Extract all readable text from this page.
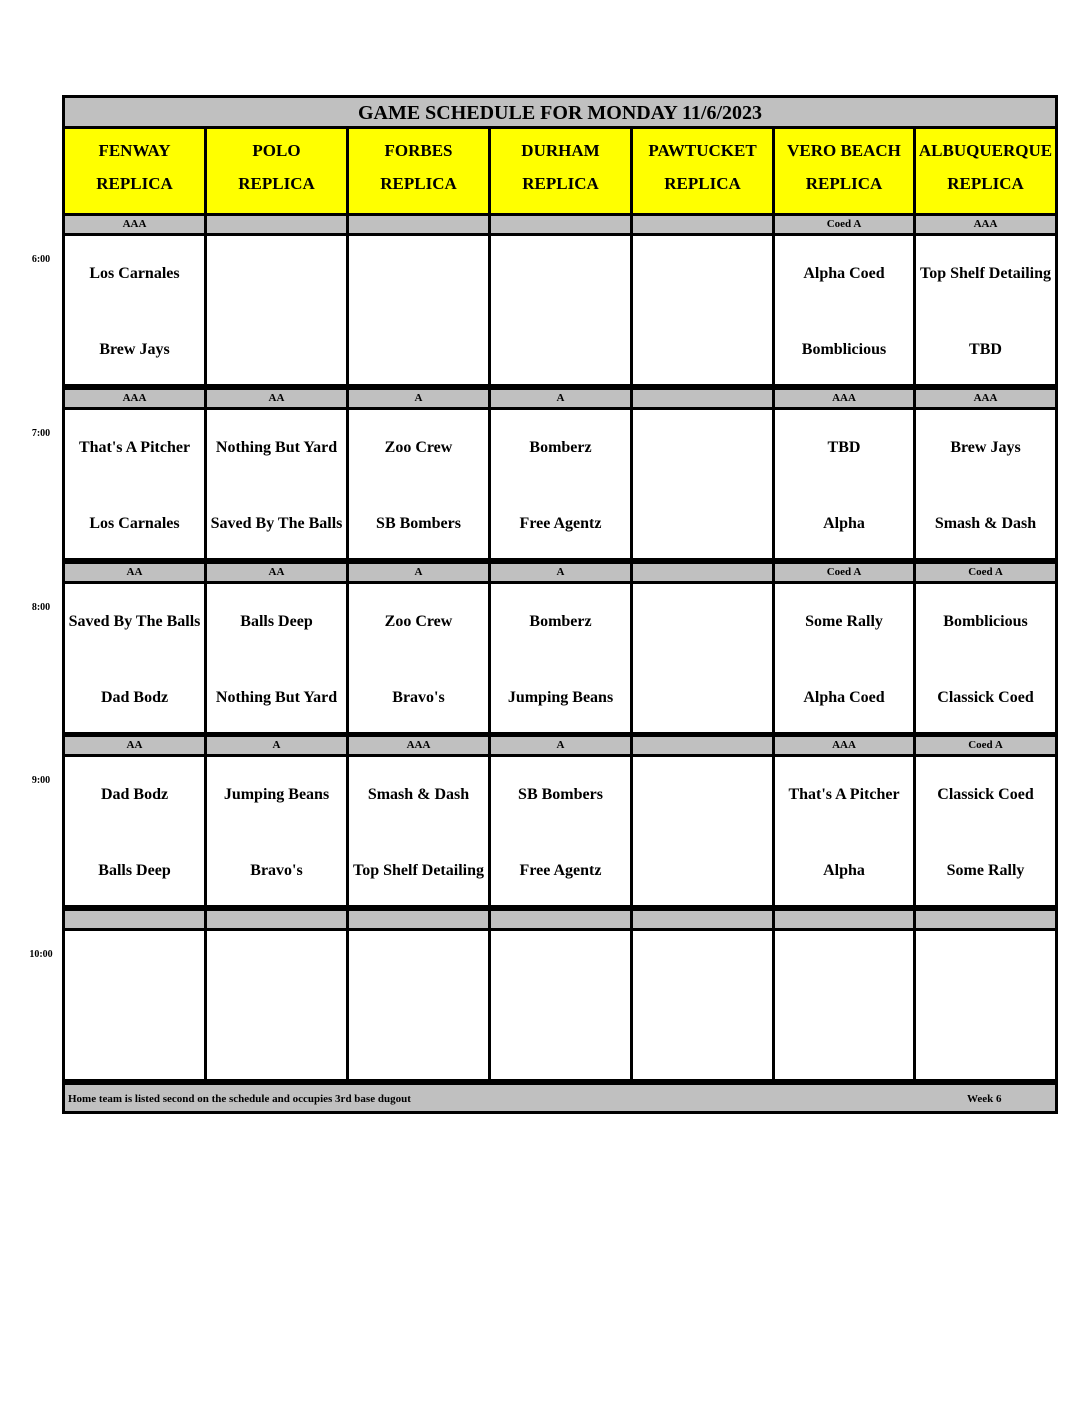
GAME SCHEDULE FOR MONDAY 11/6/2023
FENWAY
REPLICA
POLO
REPLICA
FORBES
REPLICA
DURHAM
REPLICA
PAWTUCKET
REPLICA
VERO BEACH
REPLICA
ALBUQUERQUE
REPLICA
AAA
Los Carnales
Brew Jays
Coed A
Alpha Coed
Bomblicious
AAA
Top Shelf Detailing
TBD
AAA
That's A Pitcher
Los Carnales
AA
Nothing But Yard
Saved By The Balls
A
Zoo Crew
SB Bombers
A
Bomberz
Free Agentz
AAA
TBD
Alpha
AAA
Brew Jays
Smash & Dash
AA
Saved By The Balls
Dad Bodz
AA
Balls Deep
Nothing But Yard
A
Zoo Crew
Bravo's
A
Bomberz
Jumping Beans
Coed A
Some Rally
Alpha Coed
Coed A
Bomblicious
Classick Coed
AA
Dad Bodz
Balls Deep
A
Jumping Beans
Bravo's
AAA
Smash & Dash
Top Shelf Detailing
A
SB Bombers
Free Agentz
AAA
That's A Pitcher
Alpha
Coed A
Classick Coed
Some Rally
Home team is listed second on the schedule and occupies 3rd base dugout	Week 6
6:00
7:00
8:00
9:00
10:00
